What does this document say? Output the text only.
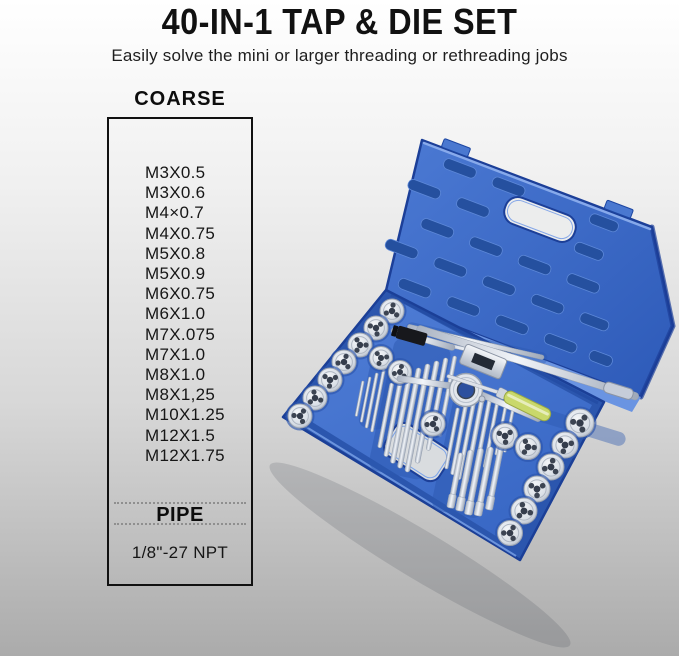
40-IN-1 TAP & DIE SET

Easily solve the mini or larger threading or rethreading jobs

COARSE
M3X0.5
M3X0.6
M4×0.7
M4X0.75
M5X0.8
M5X0.9
M6X0.75
M6X1.0
M7X.075
M7X1.0
M8X1.0
M8X1,25
M10X1.25
M12X1.5
M12X1.75
PIPE
1/8"-27 NPT
